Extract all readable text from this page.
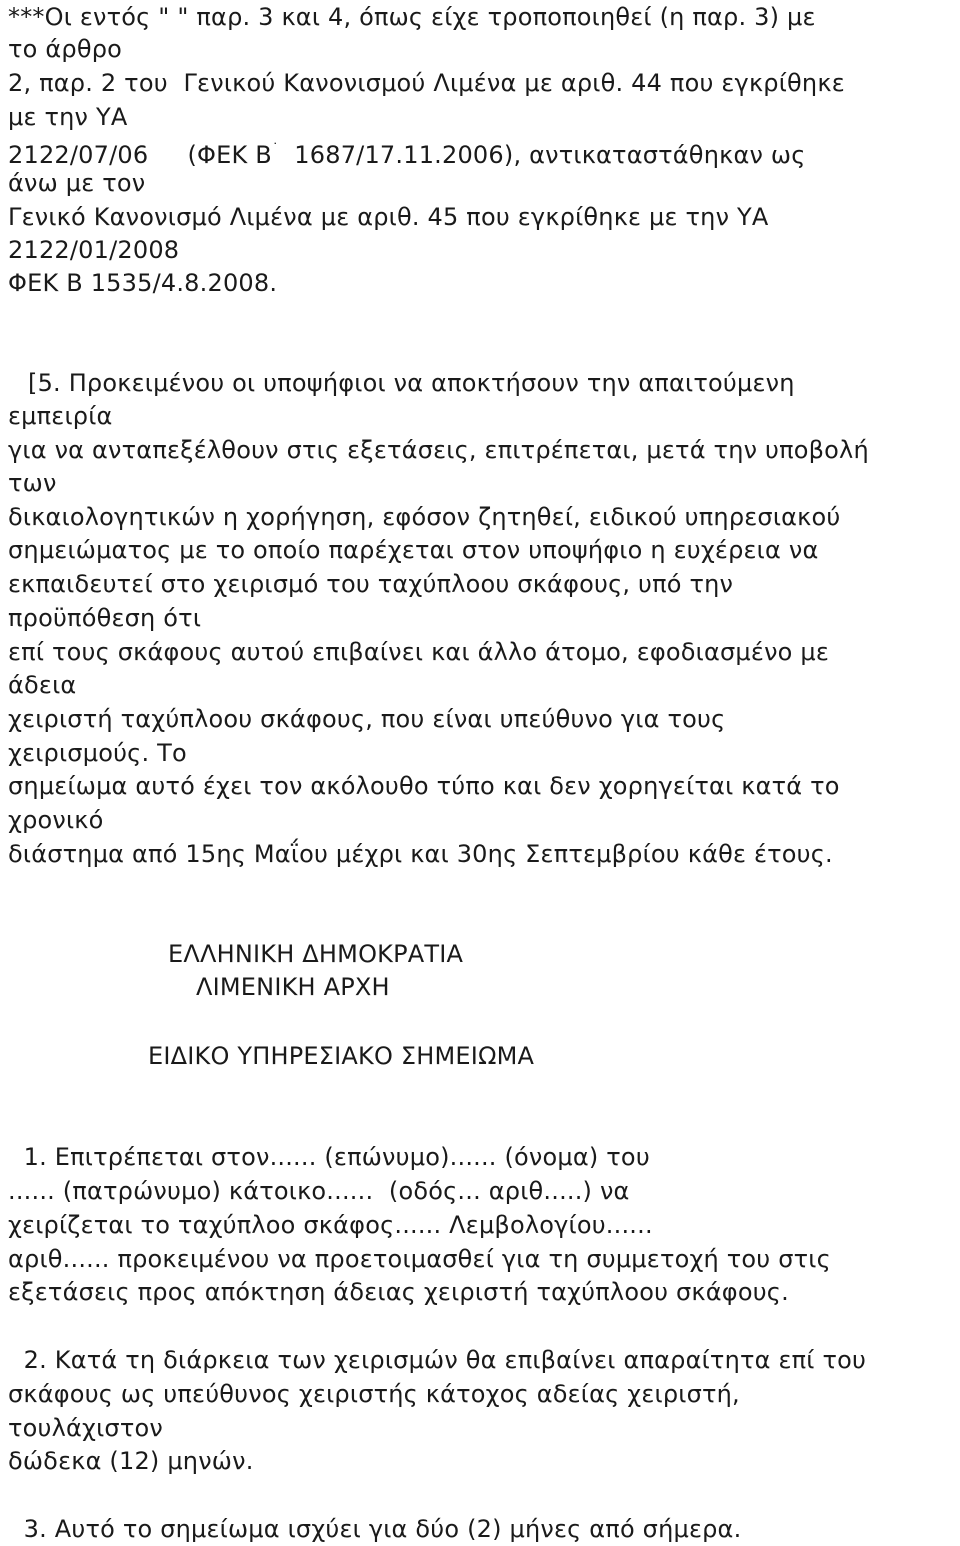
***Οι εντός " " παρ. 3 και 4, όπως είχε τροποποιηθεί (η παρ. 3) με
το άρθρο
2, παρ. 2 του  Γενικού Κανονισμού Λιμένα με αριθ. 44 που εγκρίθηκε
με την ΥΑ
2122/07/06     (ΦΕΚ Β˙  1687/17.11.2006), αντικαταστάθηκαν ως
άνω με τον
Γενικό Κανονισμό Λιμένα με αριθ. 45 που εγκρίθηκε με την ΥΑ
2122/01/2008
ΦΕΚ Β 1535/4.8.2008.
[5. Προκειμένου οι υποψήφιοι να αποκτήσουν την απαιτούμενη
εμπειρία
για να ανταπεξέλθουν στις εξετάσεις, επιτρέπεται, μετά την υποβολή
των
δικαιολογητικών η χορήγηση, εφόσον ζητηθεί, ειδικού υπηρεσιακού
σημειώματος με το οποίο παρέχεται στον υποψήφιο η ευχέρεια να
εκπαιδευτεί στο χειρισμό του ταχύπλοου σκάφους, υπό την
προϋπόθεση ότι
επί τους σκάφους αυτού επιβαίνει και άλλο άτομο, εφοδιασμένο με
άδεια
χειριστή ταχύπλοου σκάφους, που είναι υπεύθυνο για τους
χειρισμούς. Το
σημείωμα αυτό έχει τον ακόλουθο τύπο και δεν χορηγείται κατά το
χρονικό
διάστημα από 15ης Μαΐου μέχρι και 30ης Σεπτεμβρίου κάθε έτους.
ΕΛΛΗΝΙΚΗ ΔΗΜΟΚΡΑΤΙΑ
ΛΙΜΕΝΙΚΗ ΑΡΧΗ
ΕΙΔΙΚΟ ΥΠΗΡΕΣΙΑΚΟ ΣΗΜΕΙΩΜΑ
1. Επιτρέπεται στον...... (επώνυμο)...... (όνομα) του
...... (πατρώνυμο) κάτοικο......  (οδός... αριθ.....) να
χειρίζεται το ταχύπλοο σκάφος...... Λεμβολογίου......
αριθ...... προκειμένου να προετοιμασθεί για τη συμμετοχή του στις
εξετάσεις προς απόκτηση άδειας χειριστή ταχύπλοου σκάφους.
2. Κατά τη διάρκεια των χειρισμών θα επιβαίνει απαραίτητα επί του
σκάφους ως υπεύθυνος χειριστής κάτοχος αδείας χειριστή,
τουλάχιστον
δώδεκα (12) μηνών.
3. Αυτό το σημείωμα ισχύει για δύο (2) μήνες από σήμερα.
